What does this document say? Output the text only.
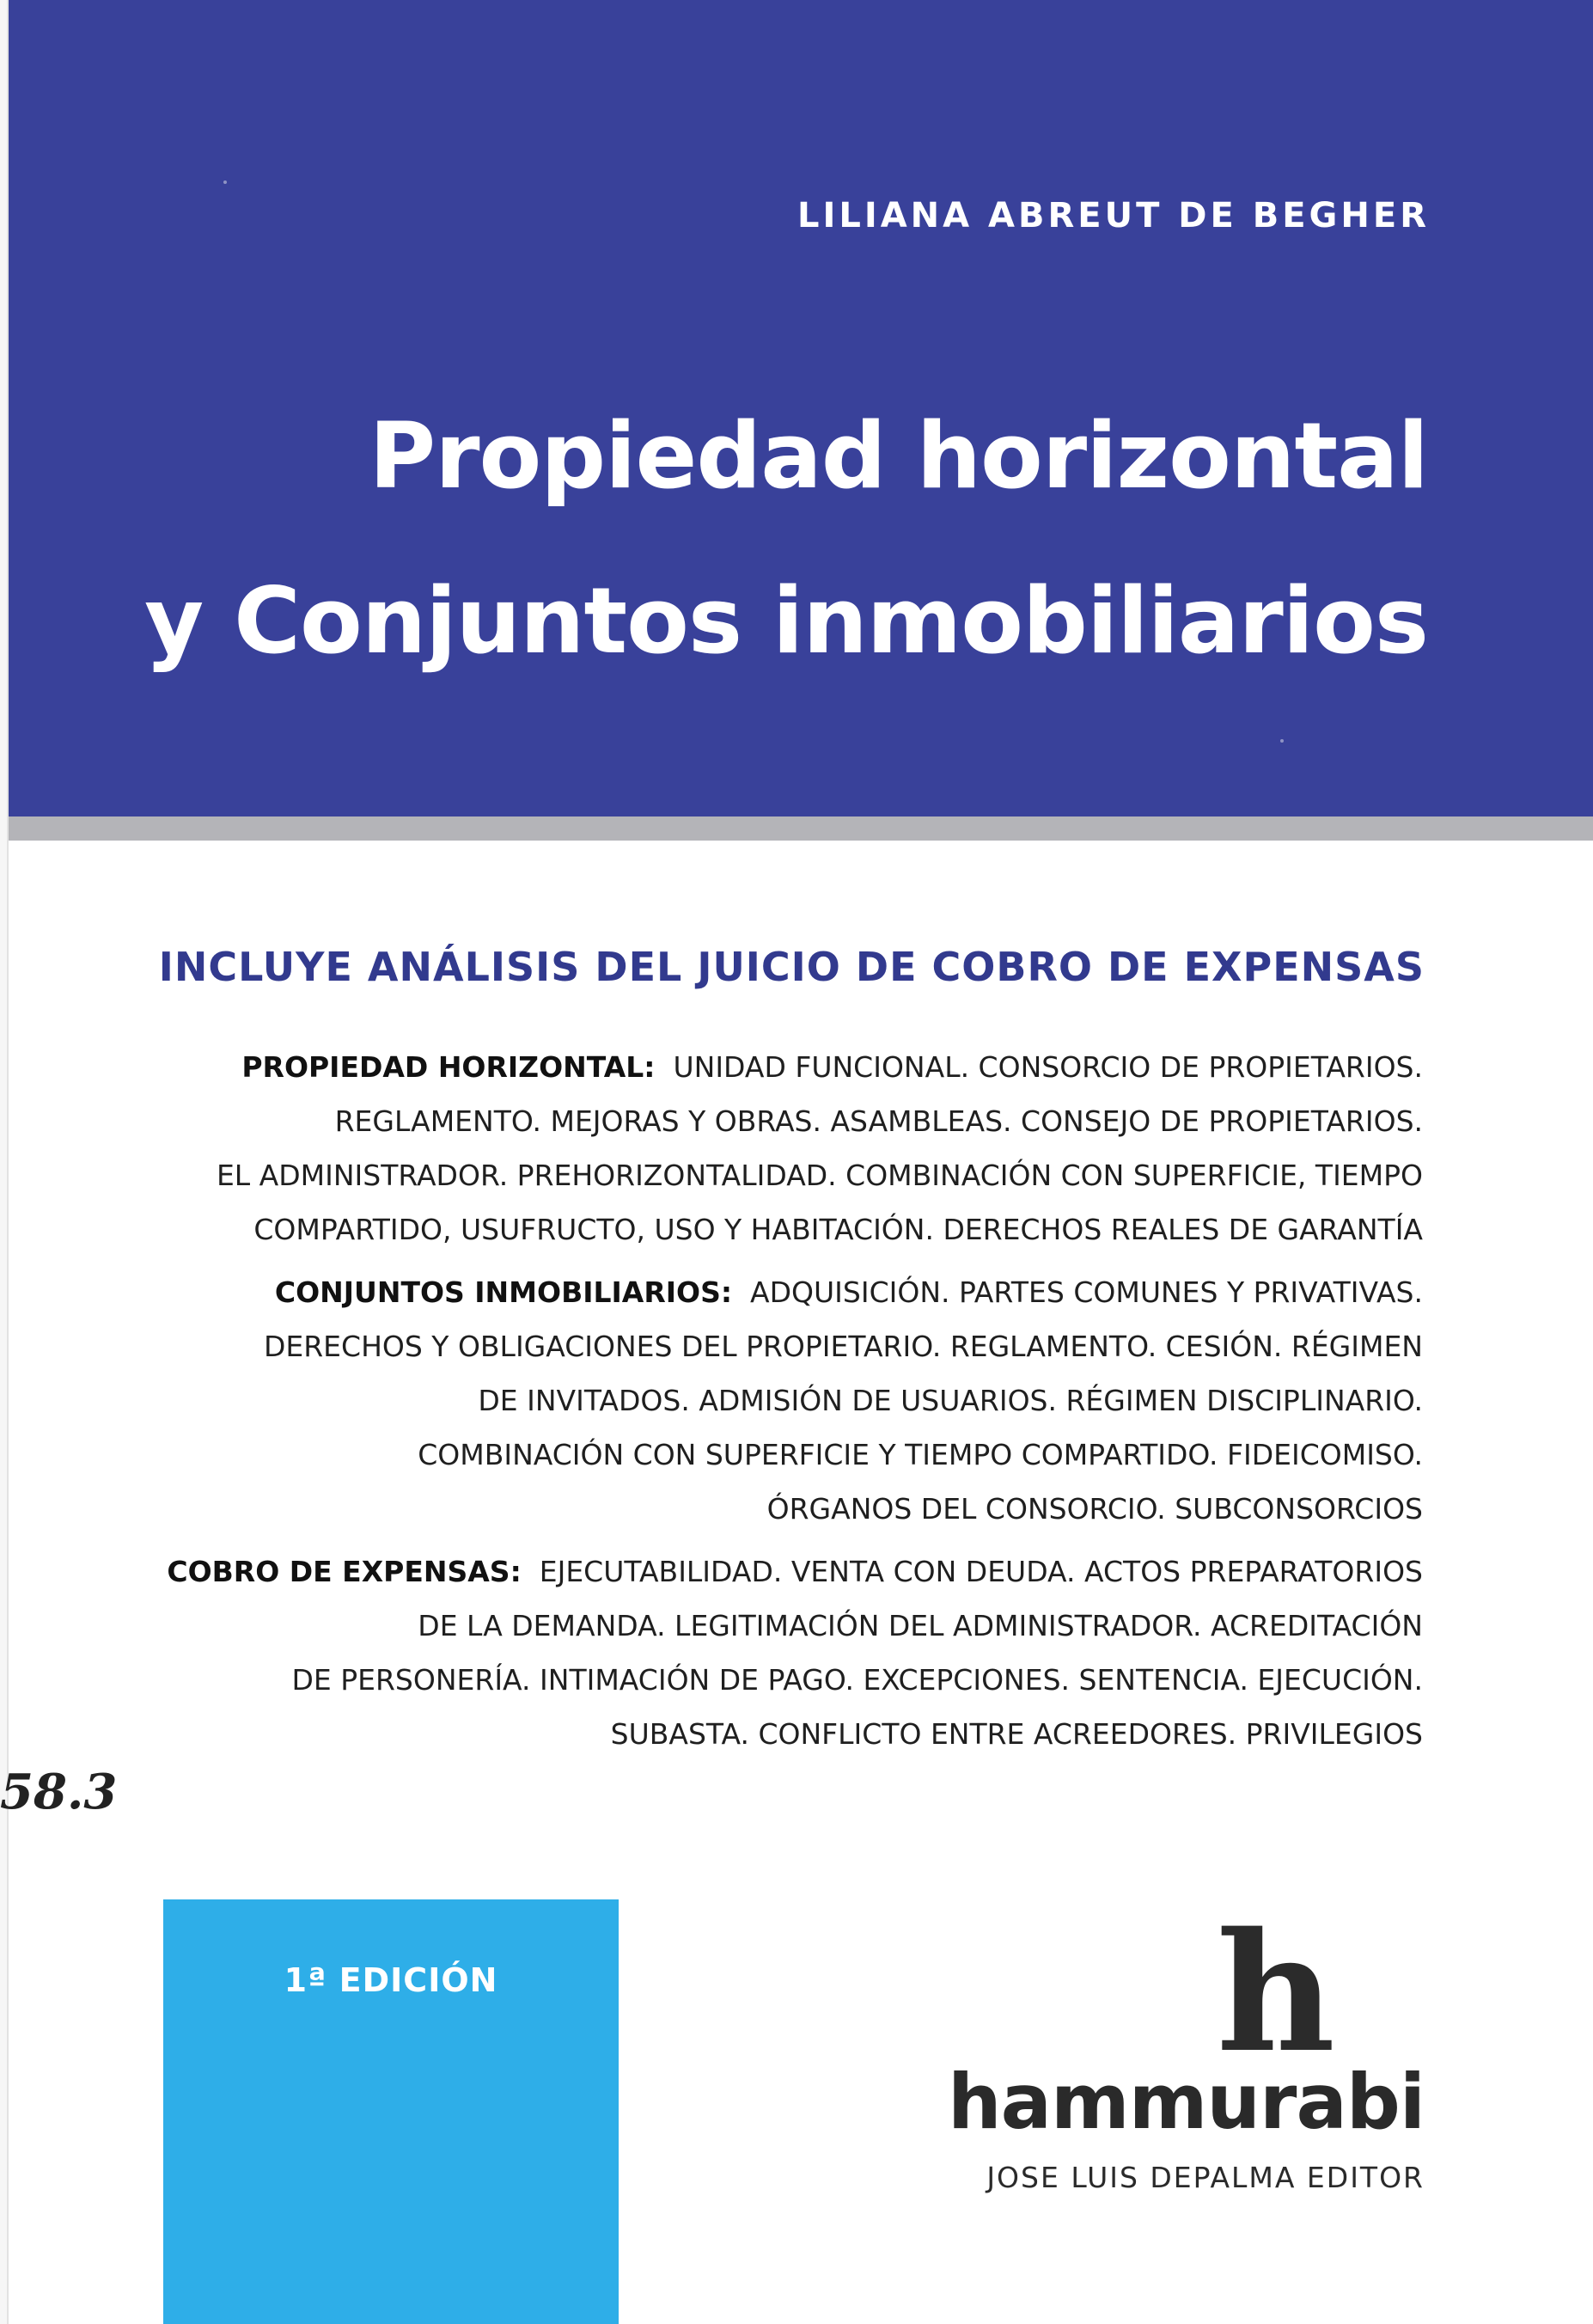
LILIANA ABREUT DE BEGHER
Propiedad horizontal
y Conjuntos inmobiliarios
INCLUYE ANÁLISIS DEL JUICIO DE COBRO DE EXPENSAS
PROPIEDAD HORIZONTAL: UNIDAD FUNCIONAL. CONSORCIO DE PROPIETARIOS.
REGLAMENTO. MEJORAS Y OBRAS. ASAMBLEAS. CONSEJO DE PROPIETARIOS.
EL ADMINISTRADOR. PREHORIZONTALIDAD. COMBINACIÓN CON SUPERFICIE, TIEMPO
COMPARTIDO, USUFRUCTO, USO Y HABITACIÓN. DERECHOS REALES DE GARANTÍA
CONJUNTOS INMOBILIARIOS: ADQUISICIÓN. PARTES COMUNES Y PRIVATIVAS.
DERECHOS Y OBLIGACIONES DEL PROPIETARIO. REGLAMENTO. CESIÓN. RÉGIMEN
DE INVITADOS. ADMISIÓN DE USUARIOS. RÉGIMEN DISCIPLINARIO.
COMBINACIÓN CON SUPERFICIE Y TIEMPO COMPARTIDO. FIDEICOMISO.
ÓRGANOS DEL CONSORCIO. SUBCONSORCIOS
COBRO DE EXPENSAS: EJECUTABILIDAD. VENTA CON DEUDA. ACTOS PREPARATORIOS
DE LA DEMANDA. LEGITIMACIÓN DEL ADMINISTRADOR. ACREDITACIÓN
DE PERSONERÍA. INTIMACIÓN DE PAGO. EXCEPCIONES. SENTENCIA. EJECUCIÓN.
SUBASTA. CONFLICTO ENTRE ACREEDORES. PRIVILEGIOS
58.3
1ª EDICIÓN	h
hammurabi
JOSE LUIS DEPALMA EDITOR
